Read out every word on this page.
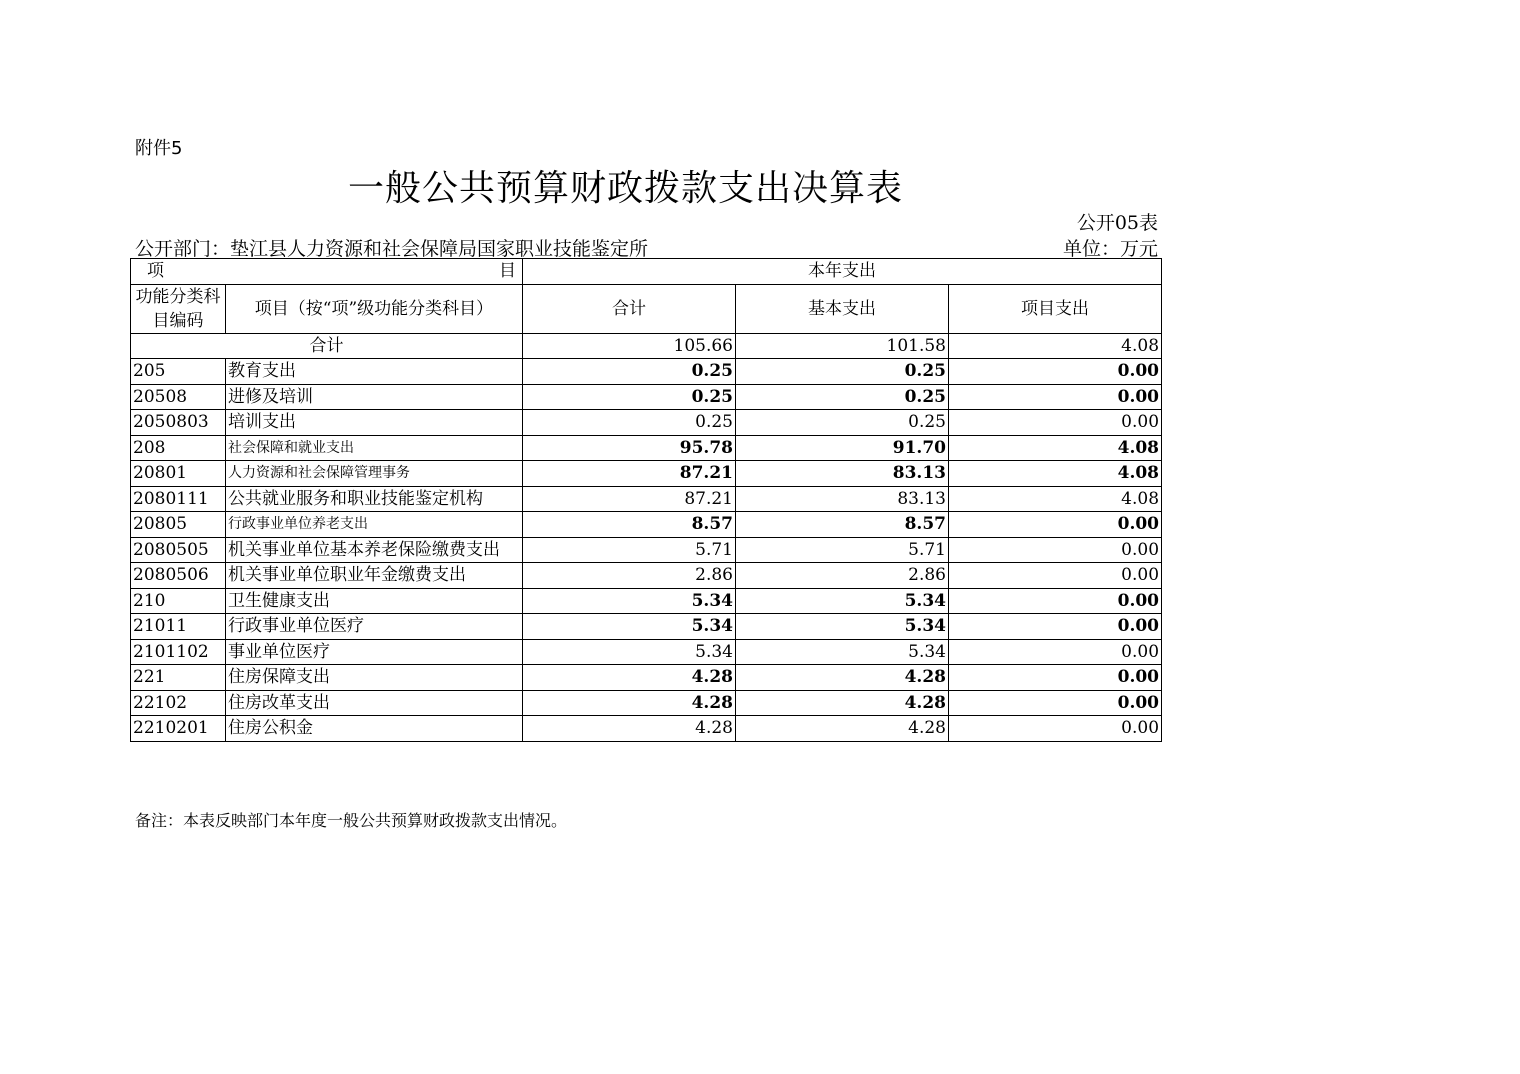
附件5
一般公共预算财政拨款支出决算表
公开05表
公开部门：垫江县人力资源和社会保障局国家职业技能鉴定所	单位：万元
项 目		本年支出		

功能分类科目编码	项目（按“项”级功能分类科目）	合计	基本支出	项目支出
合计		105.66	101.58	4.08
205	教育支出	0.25	0.25	0.00
20508	进修及培训	0.25	0.25	0.00
2050803	培训支出	0.25	0.25	0.00
208	社会保障和就业支出	95.78	91.70	4.08
20801	人力资源和社会保障管理事务	87.21	83.13	4.08
2080111	公共就业服务和职业技能鉴定机构	87.21	83.13	4.08
20805	行政事业单位养老支出	8.57	8.57	0.00
2080505	机关事业单位基本养老保险缴费支出	5.71	5.71	0.00
2080506	机关事业单位职业年金缴费支出	2.86	2.86	0.00
210	卫生健康支出	5.34	5.34	0.00
21011	行政事业单位医疗	5.34	5.34	0.00
2101102	事业单位医疗	5.34	5.34	0.00
221	住房保障支出	4.28	4.28	0.00
22102	住房改革支出	4.28	4.28	0.00
2210201	住房公积金	4.28	4.28	0.00
备注：本表反映部门本年度一般公共预算财政拨款支出情况。
